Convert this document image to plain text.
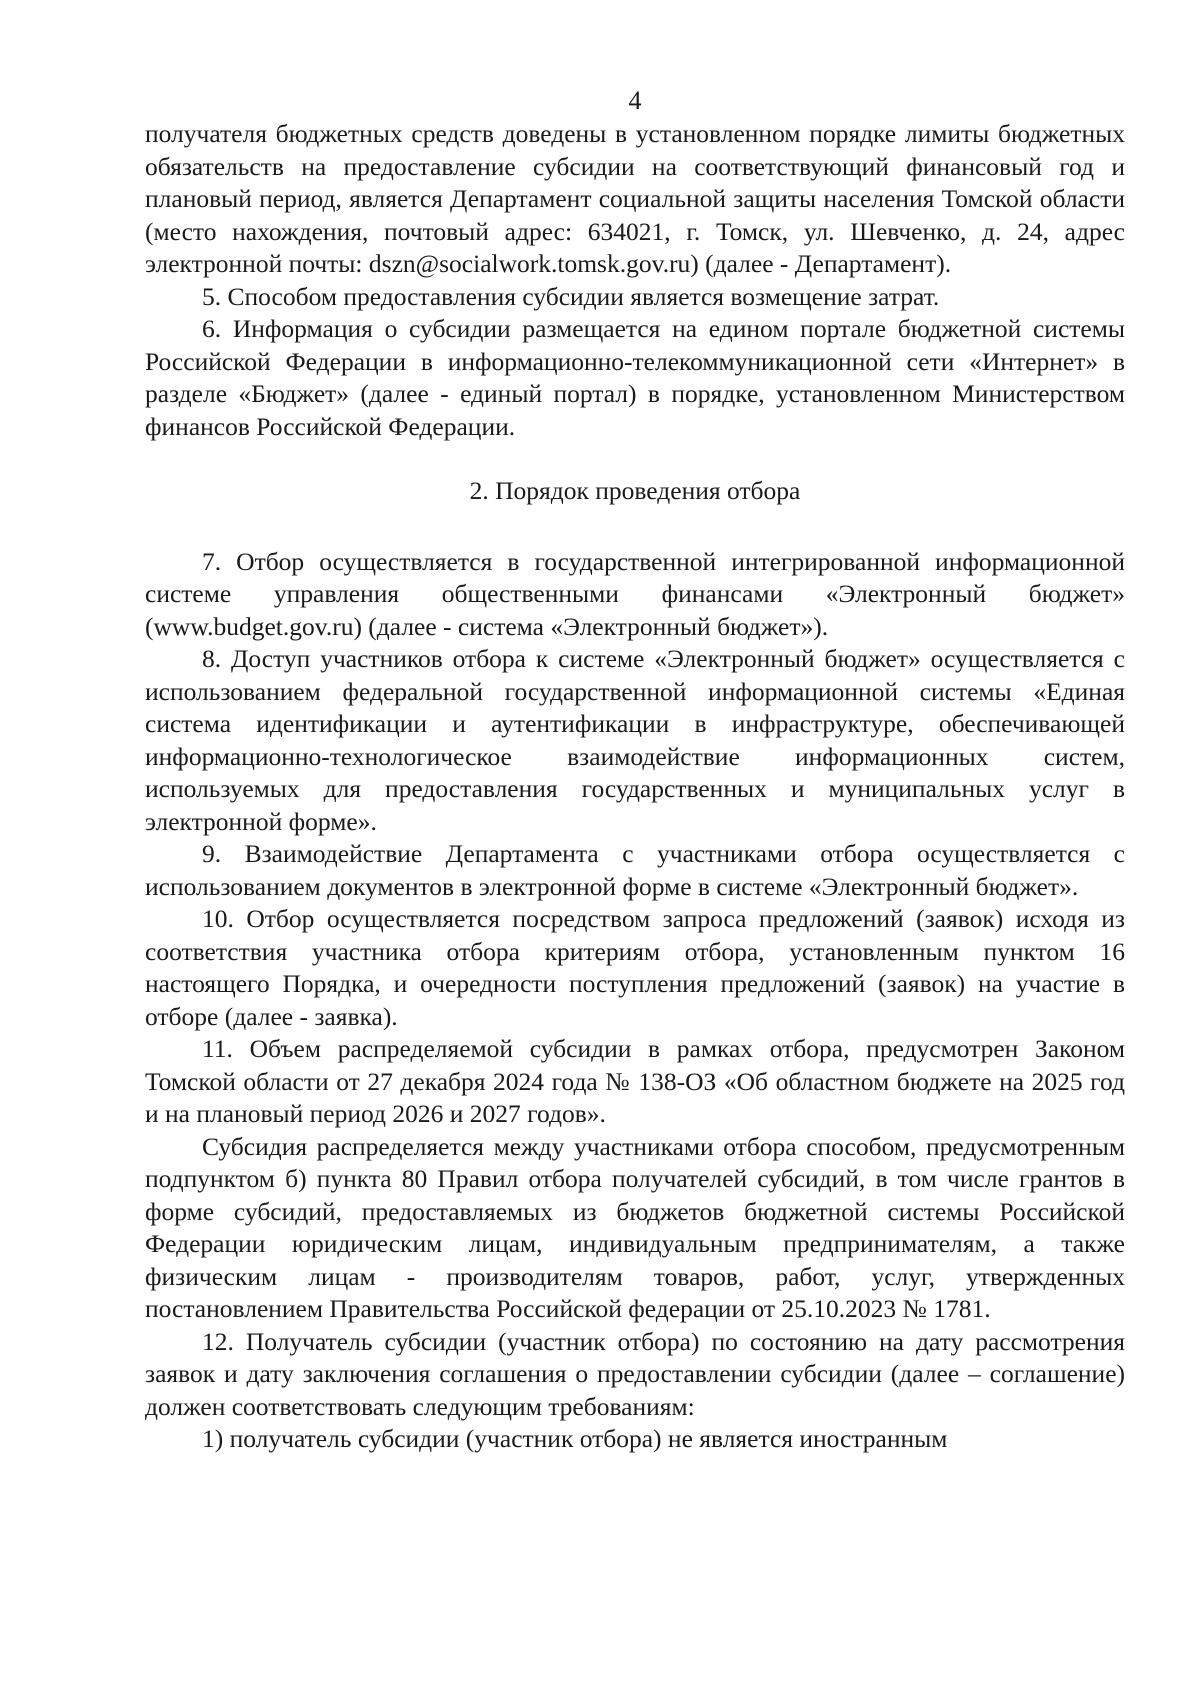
4

получателя бюджетных средств доведены в установленном порядке лимиты бюджетных обязательств на предоставление субсидии на соответствующий финансовый год и плановый период, является Департамент социальной защиты населения Томской области (место нахождения, почтовый адрес: 634021, г. Томск, ул. Шевченко, д. 24, адрес электронной почты: dszn@socialwork.tomsk.gov.ru) (далее - Департамент).

5. Способом предоставления субсидии является возмещение затрат.

6. Информация о субсидии размещается на едином портале бюджетной системы Российской Федерации в информационно-телекоммуникационной сети «Интернет» в разделе «Бюджет» (далее - единый портал) в порядке, установленном Министерством финансов Российской Федерации.

2. Порядок проведения отбора

7. Отбор осуществляется в государственной интегрированной информационной системе управления общественными финансами «Электронный бюджет» (www.budget.gov.ru) (далее - система «Электронный бюджет»).

8. Доступ участников отбора к системе «Электронный бюджет» осуществляется с использованием федеральной государственной информационной системы «Единая система идентификации и аутентификации в инфраструктуре, обеспечивающей информационно-технологическое взаимодействие информационных систем, используемых для предоставления государственных и муниципальных услуг в электронной форме».

9. Взаимодействие Департамента с участниками отбора осуществляется с использованием документов в электронной форме в системе «Электронный бюджет».

10. Отбор осуществляется посредством запроса предложений (заявок) исходя из соответствия участника отбора критериям отбора, установленным пунктом 16 настоящего Порядка, и очередности поступления предложений (заявок) на участие в отборе (далее - заявка).

11. Объем распределяемой субсидии в рамках отбора, предусмотрен Законом Томской области от 27 декабря 2024 года № 138-ОЗ «Об областном бюджете на 2025 год и на плановый период 2026 и 2027 годов».

Субсидия распределяется между участниками отбора способом, предусмотренным подпунктом б) пункта 80 Правил отбора получателей субсидий, в том числе грантов в форме субсидий, предоставляемых из бюджетов бюджетной системы Российской Федерации юридическим лицам, индивидуальным предпринимателям, а также физическим лицам - производителям товаров, работ, услуг, утвержденных постановлением Правительства Российской федерации от 25.10.2023 № 1781.

12. Получатель субсидии (участник отбора) по состоянию на дату рассмотрения заявок и дату заключения соглашения о предоставлении субсидии (далее – соглашение) должен соответствовать следующим требованиям:

1) получатель субсидии (участник отбора) не является иностранным
